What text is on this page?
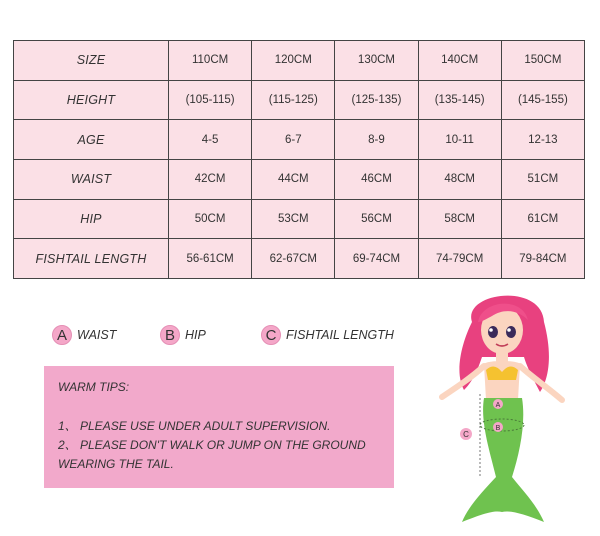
SIZE	110CM	120CM	130CM	140CM	150CM
HEIGHT	(105-115)	(115-125)	(125-135)	(135-145)	(145-155)
AGE	4-5	6-7	8-9	10-11	12-13
WAIST	42CM	44CM	46CM	48CM	51CM
HIP	50CM	53CM	56CM	58CM	61CM
FISHTAIL LENGTH	56-61CM	62-67CM	69-74CM	74-79CM	79-84CM
A WAIST	B HIP	C FISHTAIL LENGTH
WARM TIPS:
1、 PLEASE USE UNDER ADULT SUPERVISION.
2、 PLEASE DON'T WALK OR JUMP ON THE GROUND
WEARING THE TAIL.
A
B
C
